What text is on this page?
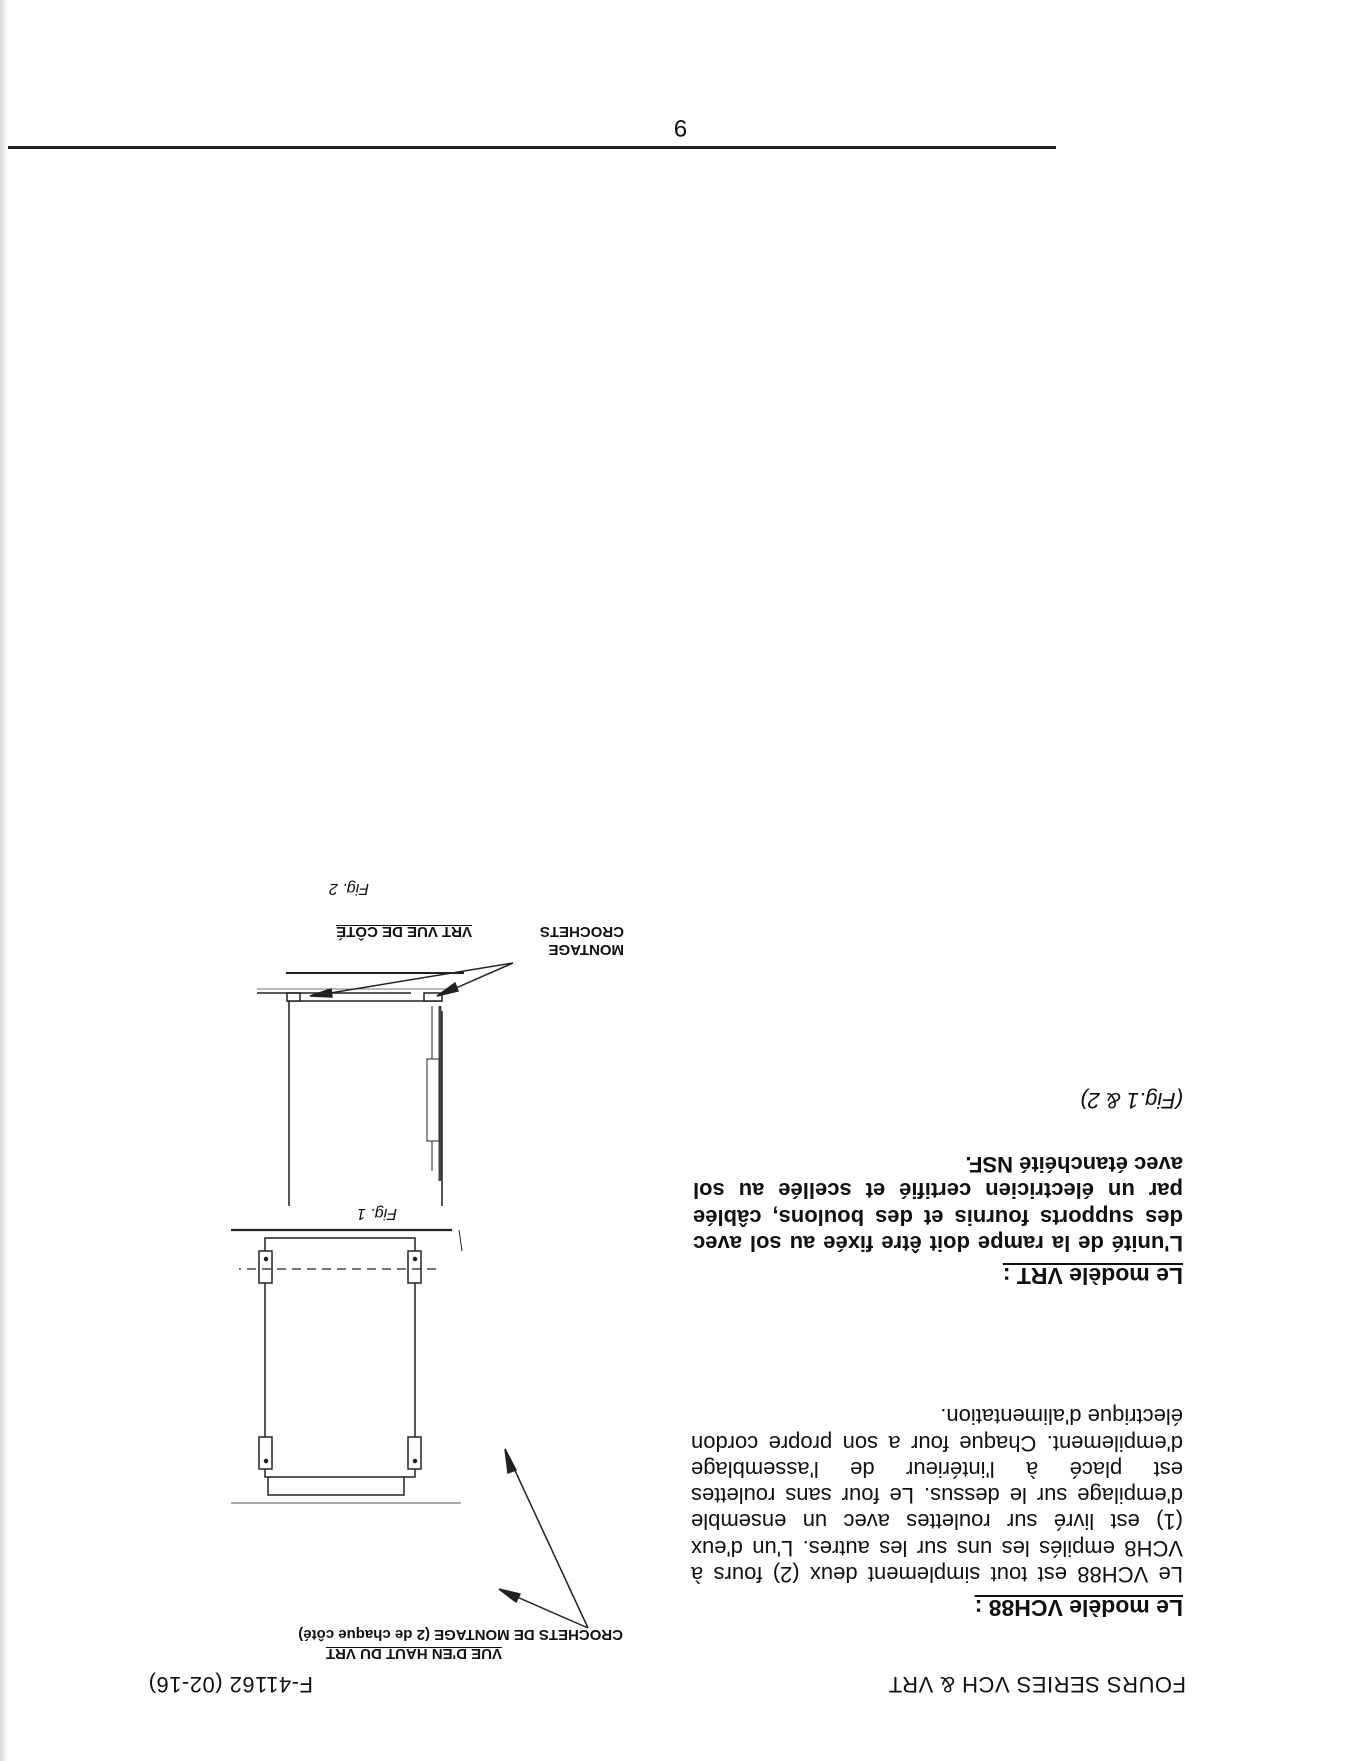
FOURS SERIES VCH & VRT
F-41162 (02-16)
Le modèle VCH88 :
Le VCH88 est tout simplement deux (2) fours à VCH8 empilés les uns sur les autres. L'un d'eux (1) est livré sur roulettes avec un ensemble d'empilage sur le dessus. Le four sans roulettes est placé à l'intérieur de l'assemblage d'empilement. Chaque four a son propre cordon électrique d'alimentation.
Le modèle VRT :
L'unité de la rampe doit être fixée au sol avec des supports fournis et des boulons, câblée par un électricien certifié et scellée au sol avec étanchéité NSF.
(Fig.1 & 2)
VUE D'EN HAUT DU VRT
CROCHETS DE MONTAGE (2 de chaque côté)
Fig. 1
MONTAGE
CROCHETS
VRT VUE DE CÔTÉ
Fig. 2
9
